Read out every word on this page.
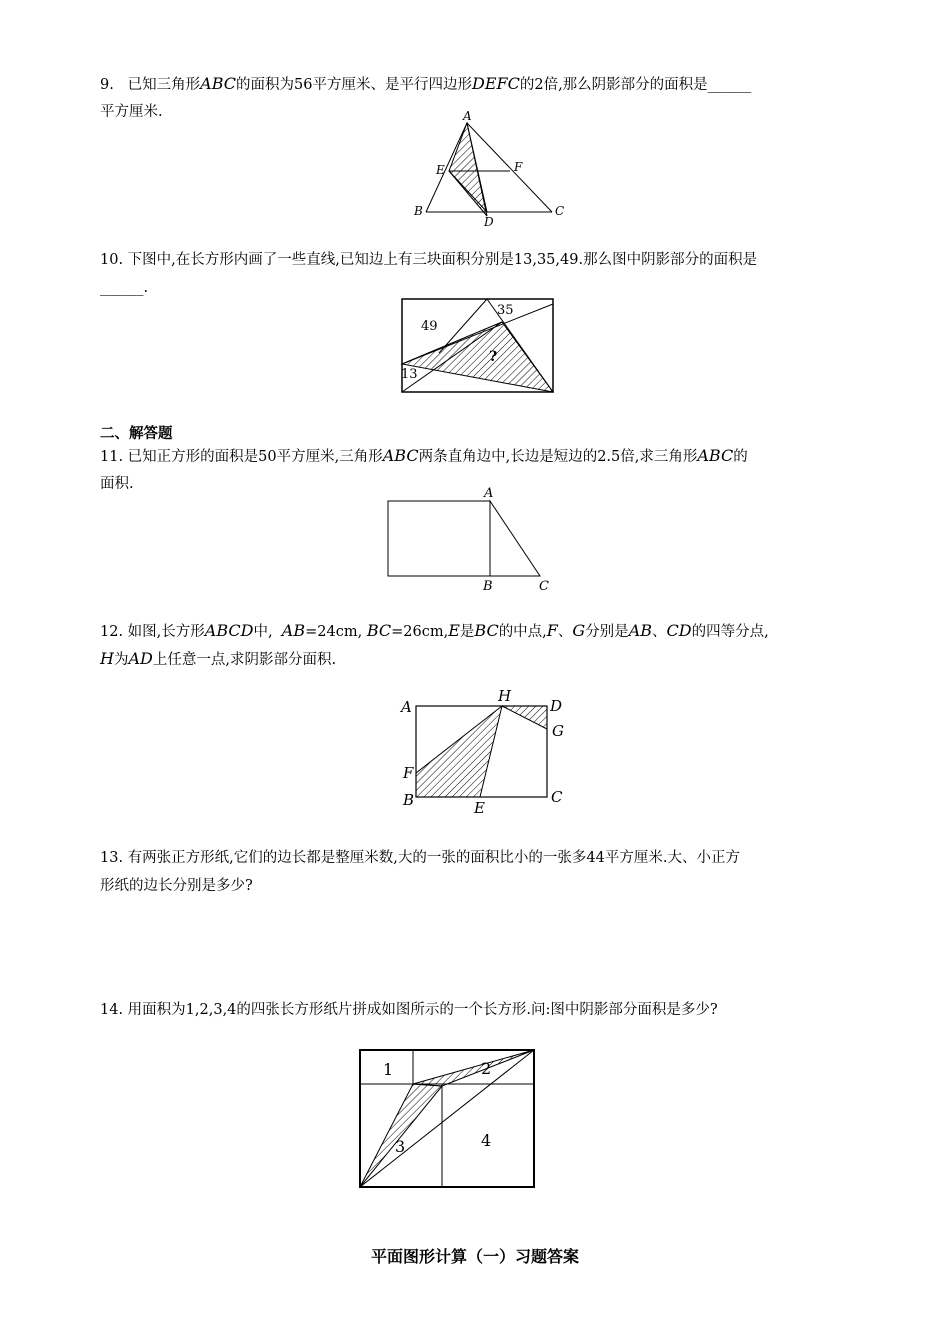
9. 已知三角形ABC的面积为56平方厘米、是平行四边形DEFC的2倍,那么阴影部分的面积是______
平方厘米.	A
E	F
B
D
C
10. 下图中,在长方形内画了一些直线,已知边上有三块面积分别是13,35,49.那么图中阴影部分的面积是
______.
49
35
13
?
二、解答题
11. 已知正方形的面积是50平方厘米,三角形ABC两条直角边中,长边是短边的2.5倍,求三角形ABC的
面积.
A
B	C
12. 如图,长方形ABCD中, AB=24cm, BC=26cm,E是BC的中点,F、G分别是AB、CD的四等分点,
H为AD上任意一点,求阴影部分面积.
A
H
D
G
F
B	E
C
13. 有两张正方形纸,它们的边长都是整厘米数,大的一张的面积比小的一张多44平方厘米.大、小正方
形纸的边长分别是多少?
14. 用面积为1,2,3,4的四张长方形纸片拼成如图所示的一个长方形.问:图中阴影部分面积是多少?
1	2
3	4
平面图形计算（一）习题答案
